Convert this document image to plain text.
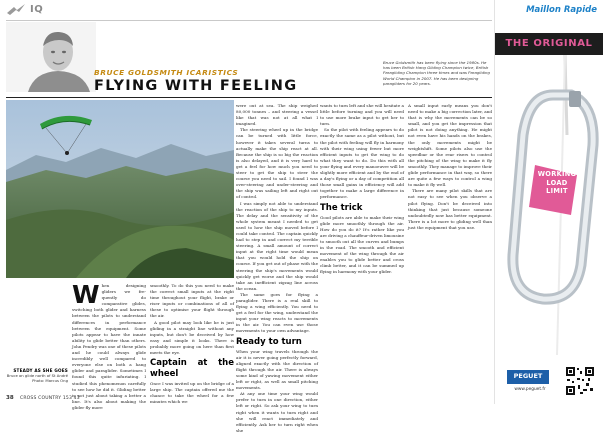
IQ
BRUCE GOLDSMITH ICARISTICS
FLYING WITH FEELING
Bruce Goldsmith has been flying since the 1980s. He has been British Hang Gliding Champion twice, British Paragliding Champion three times and was Paragliding World Champion in 2007. He has been designing paragliders for 20 years.
STEADY AS SHE GOES
Bruce on glide north of St André
Photo: Marcus Ong

When designing gliders we fre-quently do comparative glides, switching both glider and harness between the pilots to understand differences in performance between the equipment. Some pilots appear to have the innate ability to glide better than others. John Pendry was one of these pilots and he could always glide incredibly well compared to everyone else on both a hang glider and paraglider. Sometimes I found this quite infuriating. I studied this phenomenon carefully to see how he did it. Gliding better is not just about taking a better a line. It's also about making the glider fly more

smoothly. To do this you need to make the correct small inputs at the right time throughout your flight, brake or riser inputs or combinations of all of these to optimise your flight through the air.

A good pilot may look like he is just gliding in a straight line without any inputs, but don't be deceived by how easy and simple it looks. There is probably more going on here than first meets the eye.

Captain at the wheel

Once I was invited up on the bridge of a large ship. The captain offered me the chance to take the wheel for a few minutes which we

were out at sea. The ship weighed 80,000 tonnes – and steering a vessel like that was not at all what I imagined.

The steering wheel up in the bridge can be turned with little force, however it takes several turns to actually make the ship react at all. Because the ship is so big the reaction is also delayed, and it is very hard to get a feel for how much you need to steer to get the ship to steer the course you need to sail. I found I was over-steering and under-steering and the ship was sailing left and right out of control.

I was simply not able to understand the reaction of the ship to my inputs. The delay and the sensitivity of the whole system meant I needed to get used to how the ship moved before I could take control. The captain quickly had to step in and correct my terrible steering. A small amount of correct input at the right time would mean that you would hold the ship on course. If you get out of phase with the steering the ship's movements would quickly get worse and the ship would take an inefficient zigzag line across the ocean.

The same goes for flying a paraglider. There is a real skill to flying a wing efficiently. You need to get a feel for the wing, understand the input your wing reacts to movements in the air. You can even use those movements to your own advantage.

Ready to turn

When your wing travels through the air it is never going perfectly forward, aligned exactly with the direction of flight through the air. There is always some kind of yawing movement either left or right, as well as small pitching movements.

At any one time your wing would prefer to turn in one direction, either left or right. So ask your wing to turn right when it wants to turn right and she will react immediately and efficiently. Ask her to turn right when she

wants to turn left and she will hesitate a little before turning and you will need to use more brake input to get her to turn.

So the pilot with feeling appears to do exactly the same as a pilot without, but the pilot with feeling will fly in harmony with their wing using fewer but more efficient inputs to get the wing to do what they want to do. Do this with all your flying and every manoeuvre will be slightly more efficient and by the end of a day's flying or a day of competition all those small gains in efficiency will add together to make a large difference in performance.

The trick

Good pilots are able to make their wing glide more smoothly through the air. How do you do it? It's rather like you are driving a chauffeur-driven limousine to smooth out all the curves and bumps in the road. The smooth and efficient movement of the wing through the air enables you to glide better and cross climb better, and it can be summed up flying in harmony with your glider.

A small input early means you don't need to make a big correction later, and that is why the movements can be so small, and you get the impression that pilot is not doing anything. He might not even have his hands on the brakes, the only movements might be weightshift. Some pilots also use the speedbar or the rear risers to control the pitching of the wing to make it fly smoothly. They manage to improve their glide performance in that way, so there are quite a few ways to control a wing to make it fly well.

There are many pilot skills that are not easy to see when you observe a pilot flying. Don't be deceived into thinking that just because someone undoubtedly now has better equipment. There is a lot more to gliding well than just the equipment that you use.

38 CROSS COUNTRY 153 43
Maillon Rapide
THE ORIGINAL
WORKING
LOAD
LIMIT
PEGUET
www.peguet.fr
